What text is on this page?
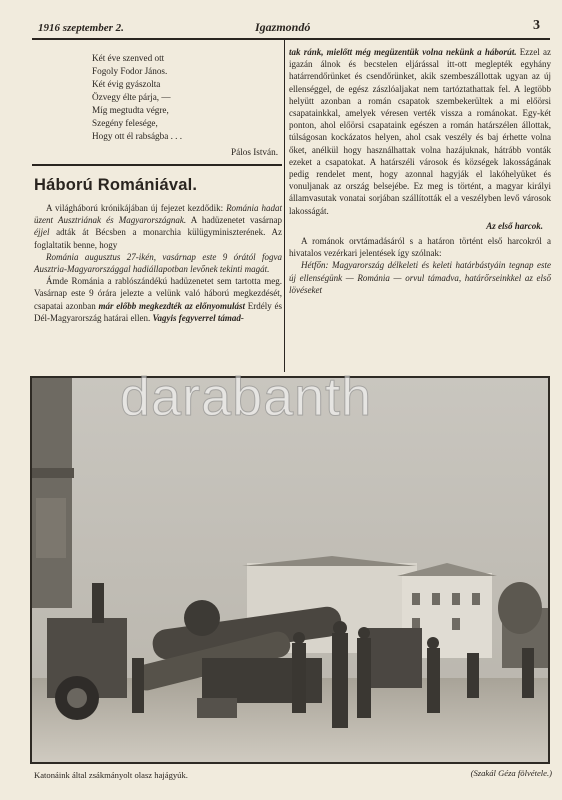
1916 szeptember 2.	Igazmondó	3
Két éve szenved ott
Fogoly Fodor János.
Két évig gyászolta
Özvegy élte párja, —
Míg megtudta végre,
Szegény felesége,
Hogy ott él rabságba . . .
Pálos István.
Háború Romániával.

A világháború krónikájában új fejezet kezdődik: Románia hadat üzent Ausztriának és Magyarországnak. A hadüzenetet vasárnap éjjel adták át Bécsben a monarchia külügyminiszterének. Az foglaltatik benne, hogy

Románia augusztus 27-ikén, vasárnap este 9 órától fogva Ausztria-Magyarországgal hadiállapotban levőnek tekinti magát.

Ámde Románia a rablószándékú hadüzenetet sem tartotta meg. Vasárnap este 9 órára jelezte a velünk való háború megkezdését, csapatai azonban már előbb megkezdték az előnyomulást Erdély és Dél-Magyarország határai ellen. Vagyis fegyverrel támad-

tak ránk, mielőtt még megüzentük volna nekünk a háborút. Ezzel az igazán álnok és becstelen eljárással itt-ott meglepték egyhány határrendőrünket és csendőrünket, akik szembeszállottak ugyan az új ellenséggel, de egész zászlóaljakat nem tartóztathattak fel. A legtöbb helyütt azonban a román csapatok szembekerültek a mi előörsi csapatainkkal, amelyek véresen verték vissza a románokat. Egy-két ponton, ahol előörsi csapataink egészen a román határszélen állottak, túlságosan kockázatos helyen, ahol csak veszély és baj érhette volna őket, anélkül hogy használhattak volna hazájuknak, hátrább vonták ezeket a csapatokat. A határszéli városok és községek lakosságának pedig rendelet ment, hogy azonnal hagyják el lakóhelyüket és vonuljanak az ország belsejébe. Ez meg is történt, a magyar királyi államvasutak vonatai sorjában szállították el a veszélyben levő városok lakosságát.

Az első harcok.

A románok orvtámadásáról s a határon történt első harcokról a hivatalos vezérkari jelentések így szólnak:

Hétfőn: Magyarország délkeleti és keleti határbástyáin tegnap este új ellenségünk — Románia — orvul támadva, határőrseinkkel az első lövéseket

darabanth
Katonáink által zsákmányolt olasz hajágyúk.	(Szakál Géza fölvétele.)
